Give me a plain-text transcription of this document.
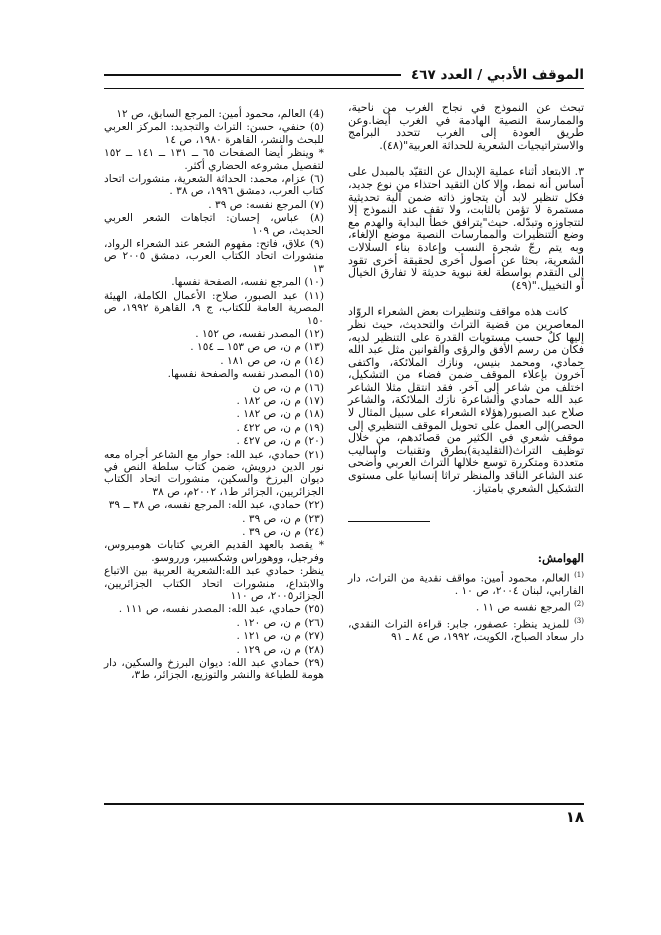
الموقف الأدبي / العدد ٤٦٧

تبحث عن النموذج في نجاح الغرب من ناحية، والممارسة النصية الهادمة في الغرب أيضا.وعن طريق العودة إلى الغرب تتحدد البرامج والاستراتيجيات الشعرية للحداثة العربية"(٤٨).

٣. الابتعاد أثناء عملية الإبدال عن التقيّد بالمبدل على أساس أنه نمط، وإلا كان التقيد احتذاء من نوع جديد، فكل تنظير لابد أن يتجاوز ذاته ضمن آلية تحديثية مستمرة لا تؤمن بالثابت، ولا تقف عند النموذج إلا لتتجاوزه وتبدّله. حيث"يترافق خطأ البداية والهدم مع وضع التنظيرات والممارسات النصية موضع الإلغاء، وبه يتم رجّ شجرة النسب وإعادة بناء السلالات الشعرية، بحثا عن أصول أخرى لحقيقة أخرى تقود إلى التقدم بواسطة لغة نبوية حديثة لا تفارق الخيال أو التخييل."(٤٩)

كانت هذه مواقف وتنظيرات بعض الشعراء الروّاد المعاصرين من قضية التراث والتحديث، حيث نظر إليها كلٌ حسب مستويات القدرة على التنظير لديه، فكان من رسم الأفق والرؤى والقوانين مثل عبد الله حمادي، ومحمد بنيس، ونازك الملائكة، واكتفى آخرون بإعلاء الموقف ضمن فضاء من التشكيل، اختلف من شاعر إلى آخر. فقد انتقل مثلا الشاعر عبد الله حمادي والشاعرة نازك الملائكة، والشاعر صلاح عبد الصبور(هؤلاء الشعراء على سبيل المثال لا الحصر)إلى العمل على تحويل الموقف التنظيري إلى موقف شعري في الكثير من قصائدهم، من خلال توظيف التراث(التقليدية)بطرق وتقنيات وأساليب متعددة ومتكررة توسع خلالها التراث العربي وأضحى عند الشاعر الناقد والمنظر تراثا إنسانيا على مستوى التشكيل الشعري بامتياز.

الهوامش:

$^{(1)}$ العالم، محمود أمين: مواقف نقدية من التراث، دار الفارابي، لبنان ٢٠٠٤، ص ١٠ .

$^{(2)}$ المرجع نفسه ص ١١ .

$^{(3)}$ للمزيد ينظر: عصفور، جابر: قراءة التراث النقدي، دار سعاد الصباح، الكويت، ١٩٩٢، ص ٨٤ ـ ٩١

(4) العالم، محمود أمين: المرجع السابق، ص ١٢

(٥) حنفي، حسن: التراث والتجديد: المركز العربي للبحث والنشر، القاهرة ١٩٨٠، ص ١٤

* وينظر أيضا الصفحات ٦٥ ــ ١٣١ ــ ١٤١ ــ ١٥٢ لتفصيل مشروعه الحضاري أكثر.

(٦) عزام، محمد: الحداثة الشعرية، منشورات اتحاد كتاب العرب، دمشق ١٩٩٦، ص ٣٨ .

(٧) المرجع نفسه: ص ٣٩ .

(٨) عباس، إحسان: اتجاهات الشعر العربي الحديث، ص ١٠٩

(٩) علاق، فاتح: مفهوم الشعر عند الشعراء الرواد، منشورات اتحاد الكتاب العرب، دمشق ٢٠٠٥ ص ١٣

(١٠) المرجع نفسه، الصفحة نفسها.

(١١) عبد الصبور، صلاح: الأعمال الكاملة، الهيئة المصرية العامة للكتاب، ج ٩، القاهرة ١٩٩٢، ص ١٥٠

(١٢) المصدر نفسه، ص ١٥٢ .

(١٣) م ن، ص ص ١٥٣ ــ ١٥٤ .

(١٤) م ن، ص ص ١٨١ .

(١٥) المصدر نفسه والصفحة نفسها.

(١٦) م ن، ص ن

(١٧) م ن، ص ١٨٢ .

(١٨) م ن، ص ١٨٢ .

(١٩) م ن، ص ٤٢٢ .

(٢٠) م ن، ص ٤٢٧ .

(٢١) حمادي، عبد الله: حوار مع الشاعر أجراه معه نور الدين درويش، ضمن كتاب سلطة النص في ديوان البرزخ والسكين، منشورات اتحاد الكتاب الجزائريين، الجزائر ط١، ٢٠٠٢م، ص ٣٨

(٢٢) حمادي، عبد الله: المرجع نفسه، ص ٣٨ ــ ٣٩

(٢٣) م ن، ص ٣٩ .

(٢٤) م ن، ص ٣٩ .

* يقصد بالعهد القديم الغربي كتابات هوميروس، وفرجيل، ووهوراس وشكسبير، ورروسو.

ينظر: حمادي عبد الله:الشعرية العربية بين الاتباع والابتداع، منشورات اتحاد الكتاب الجزائريين، الجزائر٢٠٠٥، ص ١١٠

(٢٥) حمادي، عبد الله: المصدر نفسه، ص ١١١ .

(٢٦) م ن، ص ١٢٠ .

(٢٧) م ن، ص ١٢١ .

(٢٨) م ن، ص ١٢٩ .

(٢٩) حمادي عبد الله: ديوان البرزخ والسكين، دار هومة للطباعة والنشر والتوزيع، الجزائر، ط٣،

١٨
